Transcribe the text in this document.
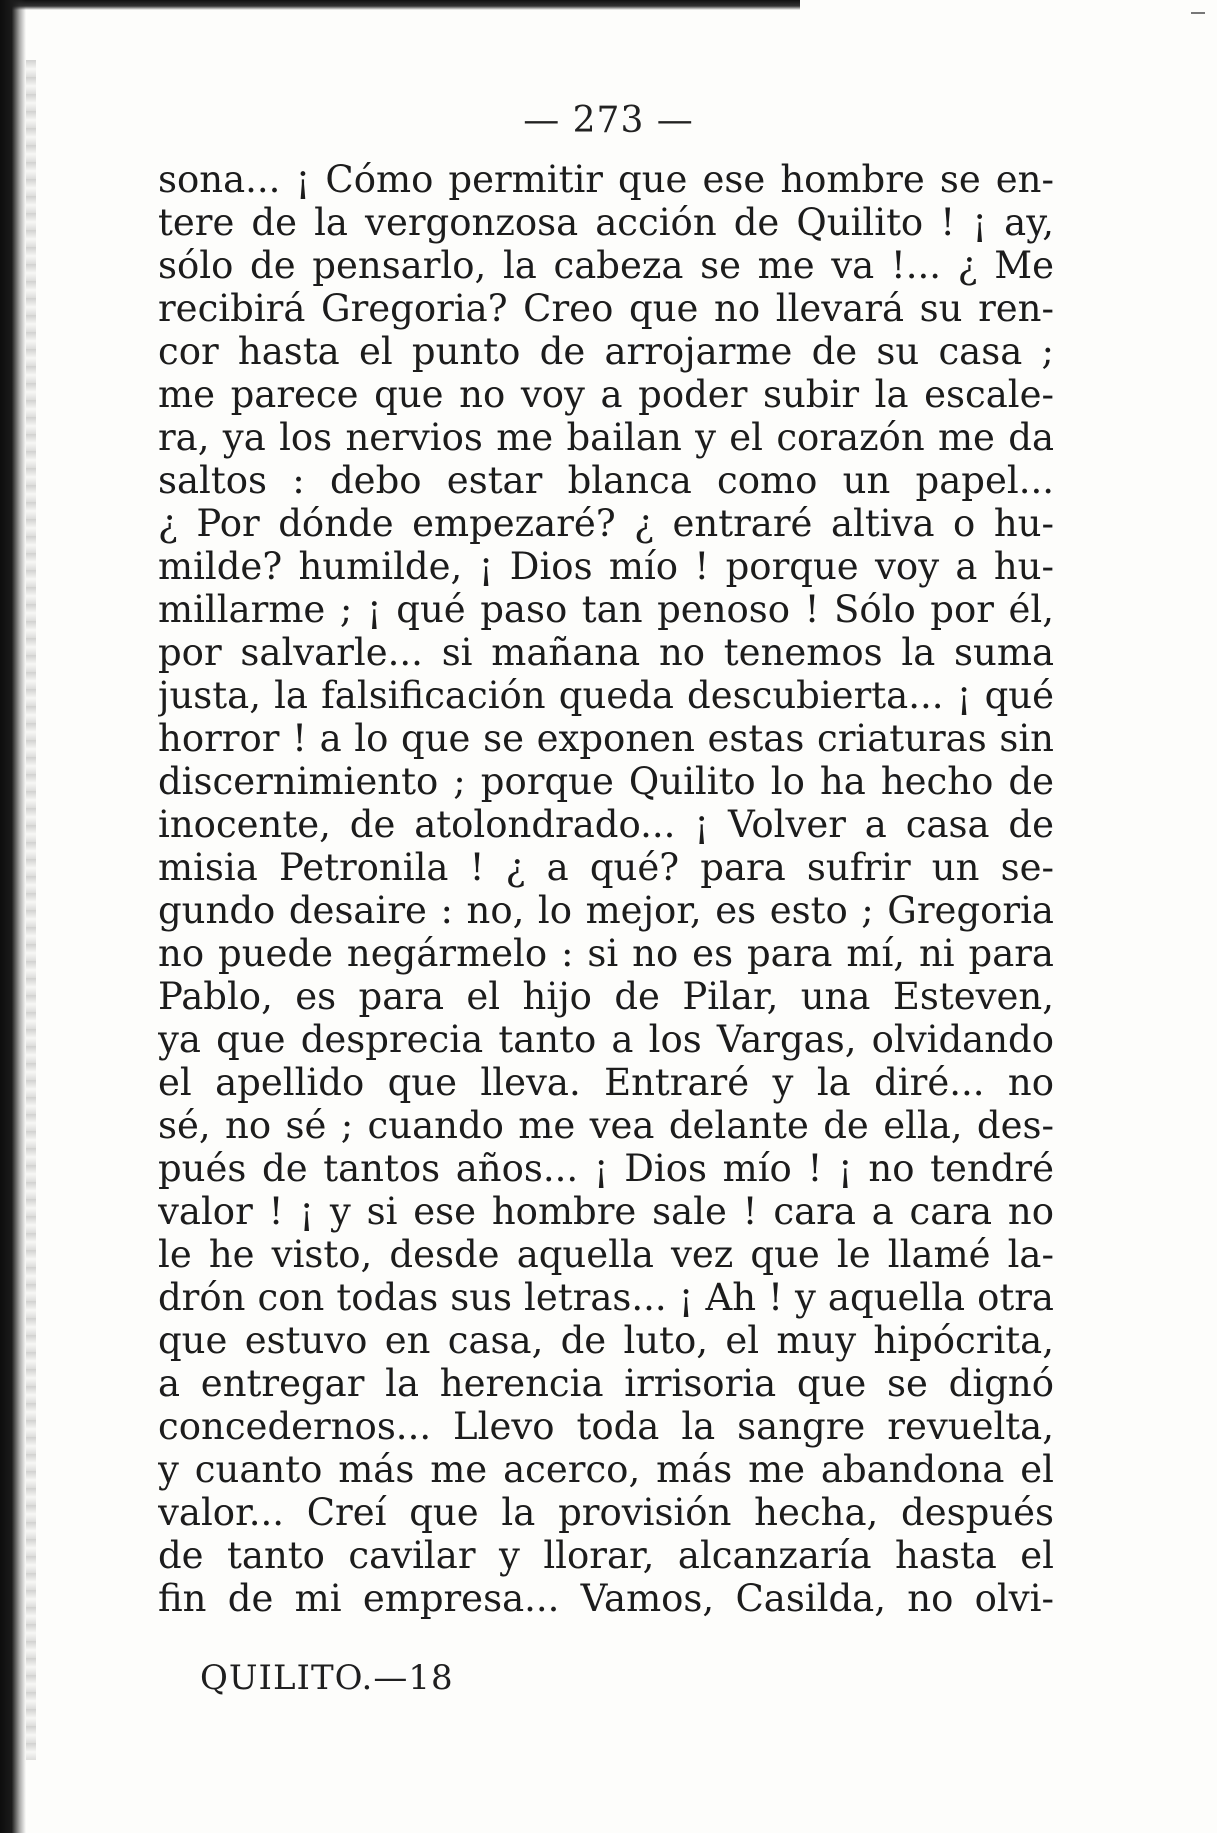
— 273 —
sona... ¡ Cómo permitir que ese hombre se en-
tere de la vergonzosa acción de Quilito ! ¡ ay,
sólo de pensarlo, la cabeza se me va !... ¿ Me
recibirá Gregoria? Creo que no llevará su ren-
cor hasta el punto de arrojarme de su casa ;
me parece que no voy a poder subir la escale-
ra, ya los nervios me bailan y el corazón me da
saltos : debo estar blanca como un papel...
¿ Por dónde empezaré? ¿ entraré altiva o hu-
milde? humilde, ¡ Dios mío ! porque voy a hu-
millarme ; ¡ qué paso tan penoso ! Sólo por él,
por salvarle... si mañana no tenemos la suma
justa, la falsificación queda descubierta... ¡ qué
horror ! a lo que se exponen estas criaturas sin
discernimiento ; porque Quilito lo ha hecho de
inocente, de atolondrado... ¡ Volver a casa de
misia Petronila ! ¿ a qué? para sufrir un se-
gundo desaire : no, lo mejor, es esto ; Gregoria
no puede negármelo : si no es para mí, ni para
Pablo, es para el hijo de Pilar, una Esteven,
ya que desprecia tanto a los Vargas, olvidando
el apellido que lleva. Entraré y la diré... no
sé, no sé ; cuando me vea delante de ella, des-
pués de tantos años... ¡ Dios mío ! ¡ no tendré
valor ! ¡ y si ese hombre sale ! cara a cara no
le he visto, desde aquella vez que le llamé la-
drón con todas sus letras... ¡ Ah ! y aquella otra
que estuvo en casa, de luto, el muy hipócrita,
a entregar la herencia irrisoria que se dignó
concedernos... Llevo toda la sangre revuelta,
y cuanto más me acerco, más me abandona el
valor... Creí que la provisión hecha, después
de tanto cavilar y llorar, alcanzaría hasta el
fin de mi empresa... Vamos, Casilda, no olvi-
QUILITO.—18
